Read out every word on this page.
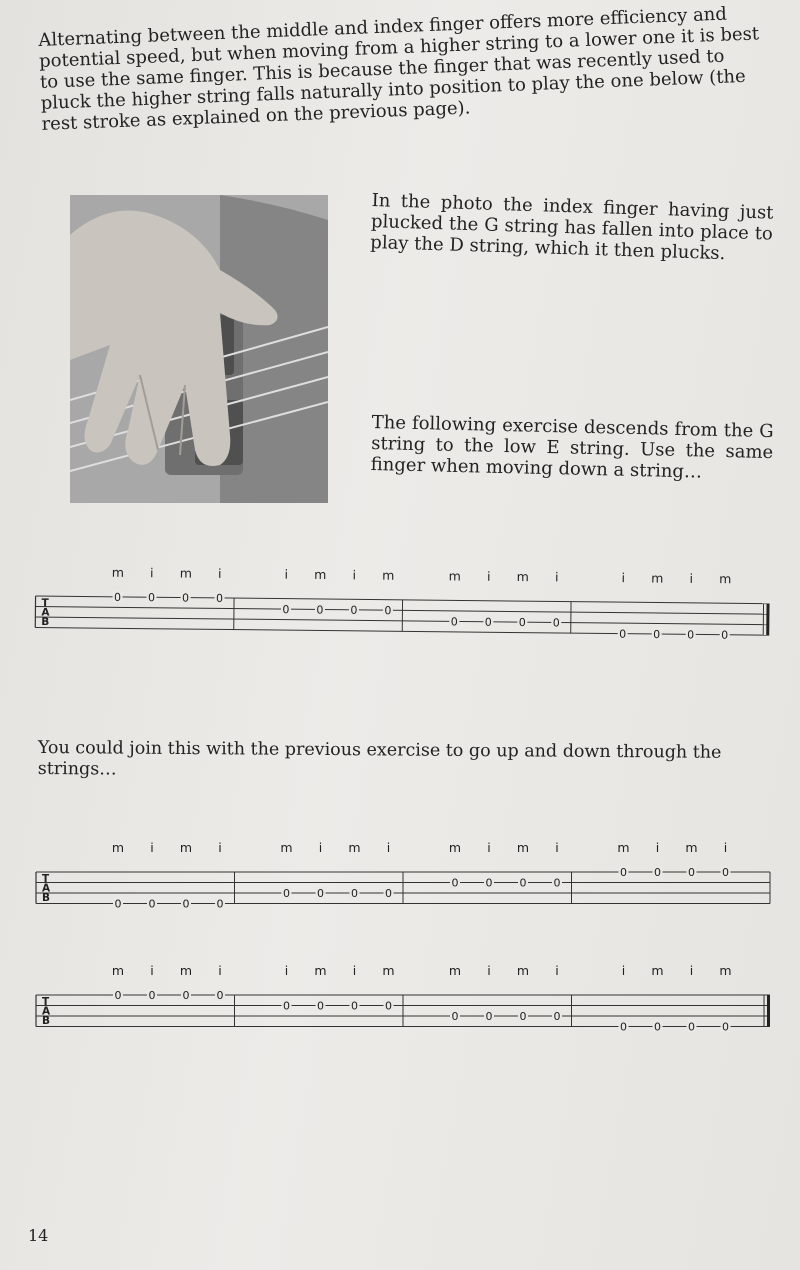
Alternating between the middle and index finger offers more efficiency and potential speed, but when moving from a higher string to a lower one it is best to use the same finger. This is because the finger that was recently used to pluck the higher string falls naturally into position to play the one below (the rest stroke as explained on the previous page).

In the photo the index finger having just plucked the G string has fallen into place to play the D string, which it then plucks.

The following exercise descends from the G string to the low E string. Use the same finger when moving down a string…

T
A
B
0
m
0
i
0
m
0
i
0
i
0
m
0
i
0
m
0
m
0
i
0
m
0
i
0
i
0
m
0
i
0
m

You could join this with the previous exercise to go up and down through the strings…

T
A
B	0
m
0
i
0
m
0
i
0
m
0
i
0
m
0
i
0
m
0
i
0
m
0
i
0
m
0
i
0
m
0
i
T
A
B
0
m
0
i
0
m
0
i
0
i
0
m
0
i
0
m
0
m
0
i
0
m
0
i
0
i
0
m
0
i
0
m
14
